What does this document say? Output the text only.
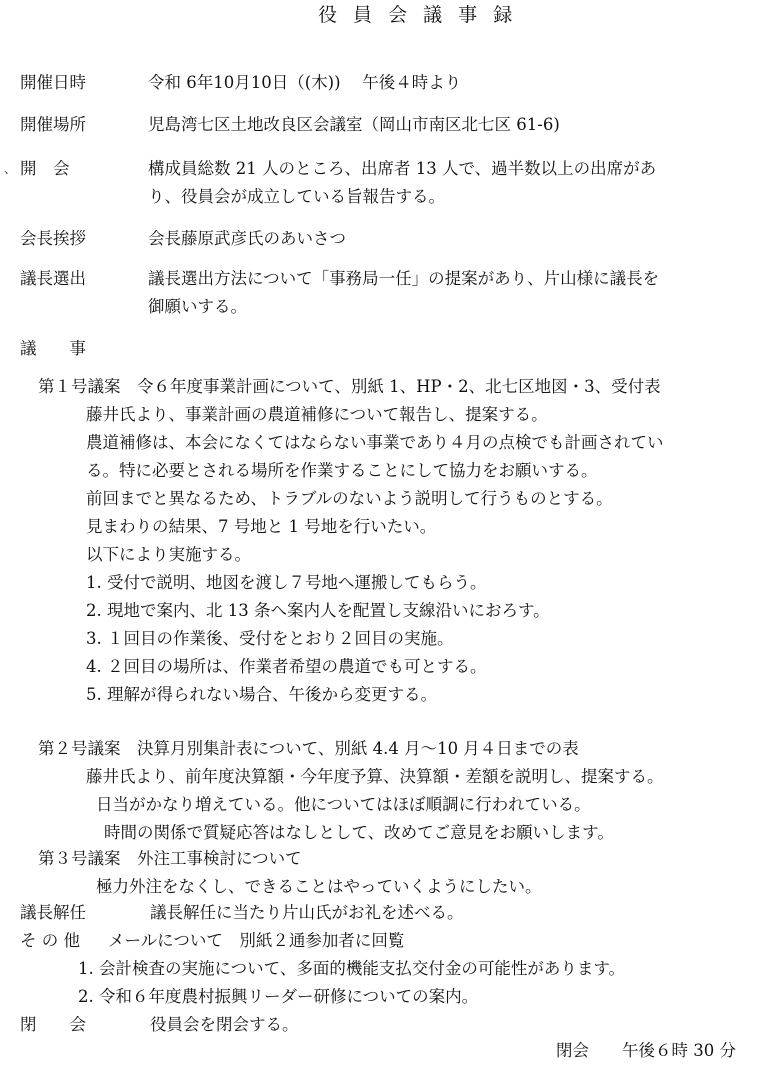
役 員 会 議 事 録
開催日時	令和 6年10月10日（(木))　 午後４時より
開催場所	児島湾七区土地改良区会議室（岡山市南区北七区 61-6)
、 開　会	構成員総数 21 人のところ、出席者 13 人で、過半数以上の出席があ
り、役員会が成立している旨報告する。
会長挨拶	会長藤原武彦氏のあいさつ
議長選出	議長選出方法について「事務局一任」の提案があり、片山様に議長を
御願いする。
議　　事
第１号議案　令６年度事業計画について、別紙 1、HP・2、北七区地図・3、受付表
藤井氏より、事業計画の農道補修について報告し、提案する。
農道補修は、本会になくてはならない事業であり４月の点検でも計画されてい
る。特に必要とされる場所を作業することにして協力をお願いする。
前回までと異なるため、トラブルのないよう説明して行うものとする。
見まわりの結果、7 号地と 1 号地を行いたい。
以下により実施する。
1. 受付で説明、地図を渡し７号地へ運搬してもらう。
2. 現地で案内、北 13 条へ案内人を配置し支線沿いにおろす。
3. １回目の作業後、受付をとおり２回目の実施。
4. ２回目の場所は、作業者希望の農道でも可とする。
5. 理解が得られない場合、午後から変更する。
第２号議案　決算月別集計表について、別紙 4.4 月〜10 月４日までの表
藤井氏より、前年度決算額・今年度予算、決算額・差額を説明し、提案する。
日当がかなり増えている。他についてはほぼ順調に行われている。
時間の関係で質疑応答はなしとして、改めてご意見をお願いします。
第３号議案　外注工事検討について
極力外注をなくし、できることはやっていくようにしたい。
議長解任	議長解任に当たり片山氏がお礼を述べる。
そ の 他 メールについて　別紙２通参加者に回覧
1. 会計検査の実施について、多面的機能支払交付金の可能性があります。
2. 令和６年度農村振興リーダー研修についての案内。
閉　　会	役員会を閉会する。
閉会　　午後６時 30 分
